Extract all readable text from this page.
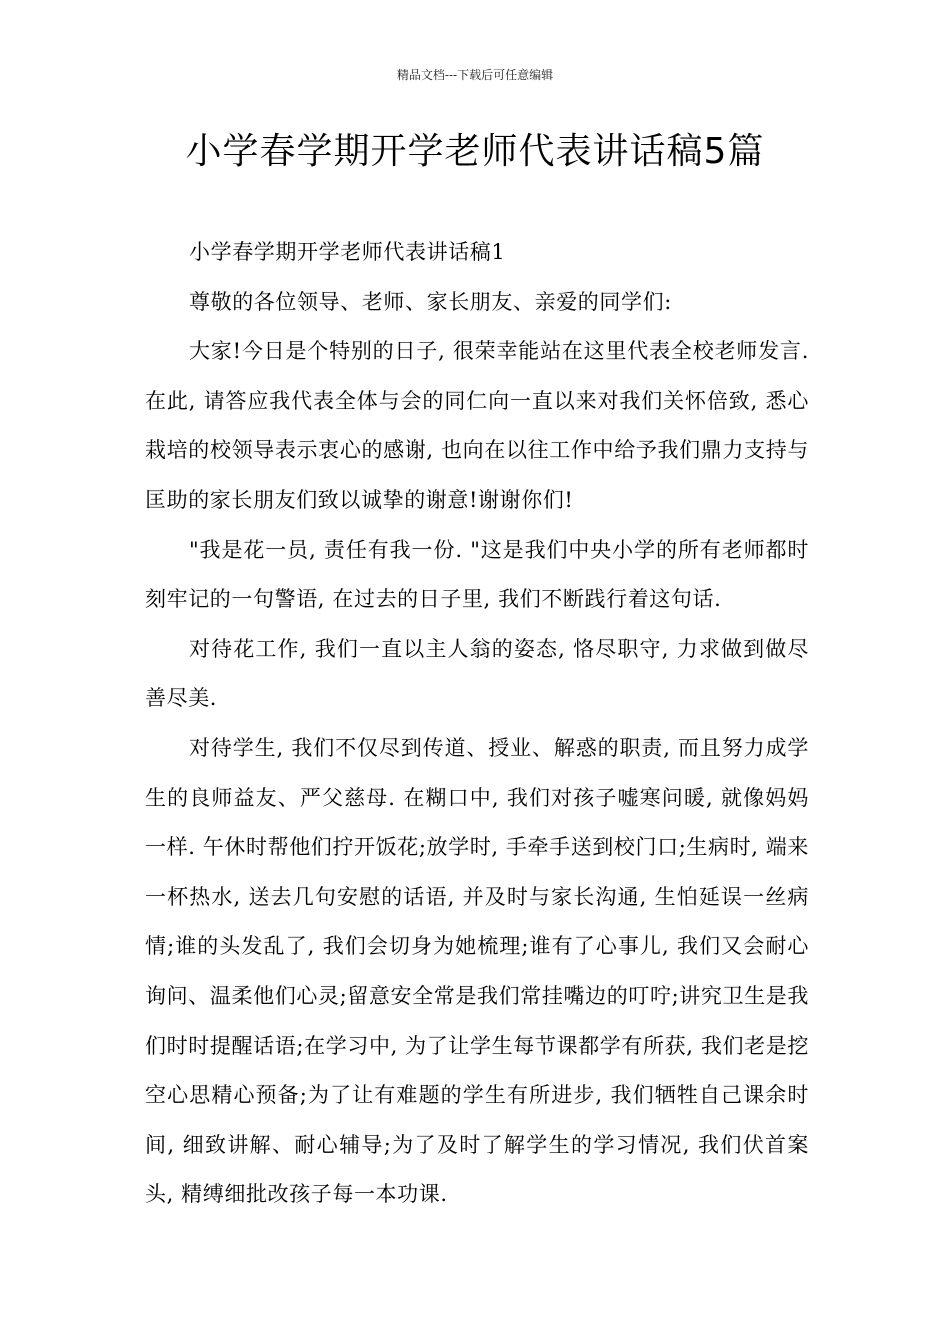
精品文档---下载后可任意编辑
小学春学期开学老师代表讲话稿5篇

小学春学期开学老师代表讲话稿1

尊敬的各位领导、老师、家长朋友、亲爱的同学们:

大家!今日是个特别的日子, 很荣幸能站在这里代表全校老师发言. 在此, 请答应我代表全体与会的同仁向一直以来对我们关怀倍致, 悉心栽培的校领导表示衷心的感谢, 也向在以往工作中给予我们鼎力支持与匡助的家长朋友们致以诚挚的谢意!谢谢你们!

"我是花一员, 责任有我一份. "这是我们中央小学的所有老师都时刻牢记的一句警语, 在过去的日子里, 我们不断践行着这句话.

对待花工作, 我们一直以主人翁的姿态, 恪尽职守, 力求做到做尽善尽美.

对待学生, 我们不仅尽到传道、授业、解惑的职责, 而且努力成学生的良师益友、严父慈母. 在糊口中, 我们对孩子嘘寒问暖, 就像妈妈一样. 午休时帮他们拧开饭花;放学时, 手牵手送到校门口;生病时, 端来一杯热水, 送去几句安慰的话语, 并及时与家长沟通, 生怕延误一丝病情;谁的头发乱了, 我们会切身为她梳理;谁有了心事儿, 我们又会耐心询问、温柔他们心灵;留意安全常是我们常挂嘴边的叮咛;讲究卫生是我们时时提醒话语;在学习中, 为了让学生每节课都学有所获, 我们老是挖空心思精心预备;为了让有难题的学生有所进步, 我们牺牲自己课余时间, 细致讲解、耐心辅导;为了及时了解学生的学习情况, 我们伏首案头, 精缚细批改孩子每一本功课.
